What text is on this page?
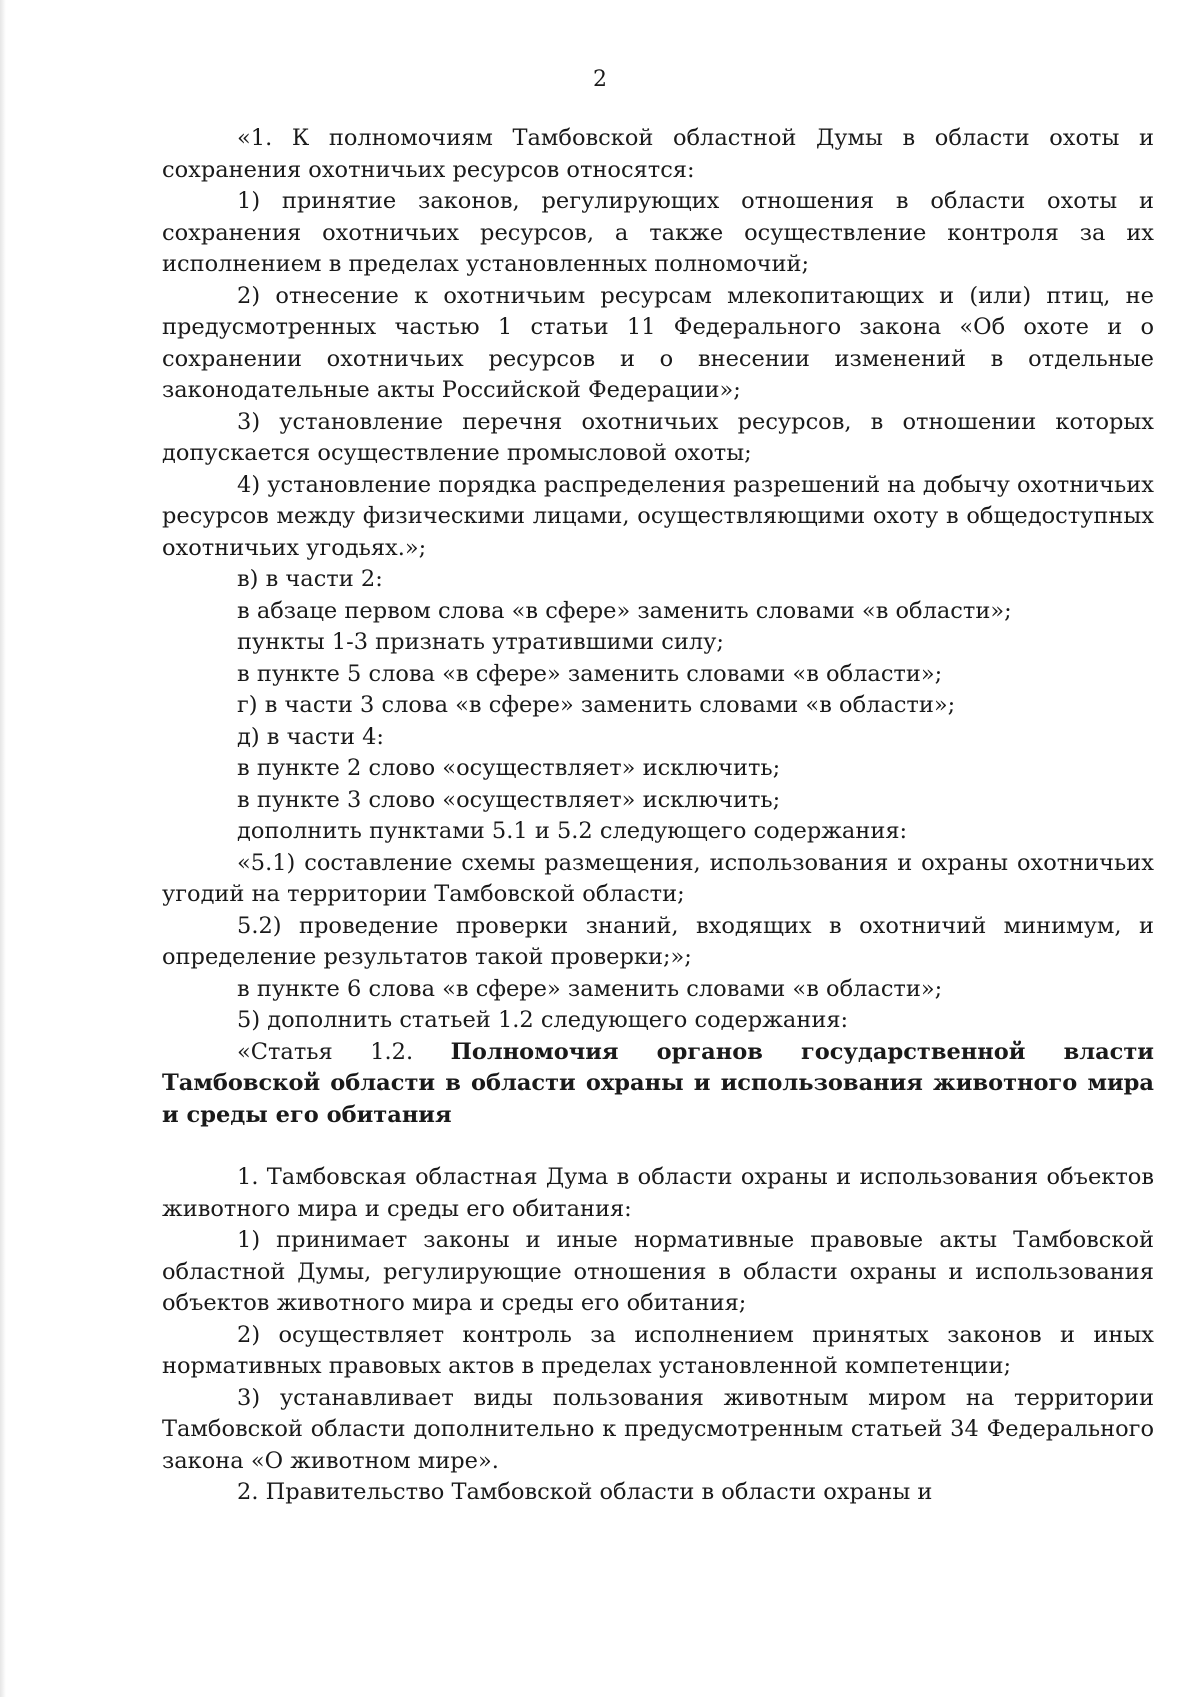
2

«1. К полномочиям Тамбовской областной Думы в области охоты и сохранения охотничьих ресурсов относятся:

1) принятие законов, регулирующих отношения в области охоты и сохранения охотничьих ресурсов, а также осуществление контроля за их исполнением в пределах установленных полномочий;

2) отнесение к охотничьим ресурсам млекопитающих и (или) птиц, не предусмотренных частью 1 статьи 11 Федерального закона «Об охоте и о сохранении охотничьих ресурсов и о внесении изменений в отдельные законодательные акты Российской Федерации»;

3) установление перечня охотничьих ресурсов, в отношении которых допускается осуществление промысловой охоты;

4) установление порядка распределения разрешений на добычу охотничьих ресурсов между физическими лицами, осуществляющими охоту в общедоступных охотничьих угодьях.»;

в) в части 2:

в абзаце первом слова «в сфере» заменить словами «в области»;

пункты 1-3 признать утратившими силу;

в пункте 5 слова «в сфере» заменить словами «в области»;

г) в части 3 слова «в сфере» заменить словами «в области»;

д) в части 4:

в пункте 2 слово «осуществляет» исключить;

в пункте 3 слово «осуществляет» исключить;

дополнить пунктами 5.1 и 5.2 следующего содержания:

«5.1) составление схемы размещения, использования и охраны охотничьих угодий на территории Тамбовской области;

5.2) проведение проверки знаний, входящих в охотничий минимум, и определение результатов такой проверки;»;

в пункте 6 слова «в сфере» заменить словами «в области»;

5) дополнить статьей 1.2 следующего содержания:

«Статья 1.2. Полномочия органов государственной власти Тамбовской области в области охраны и использования животного мира и среды его обитания

1. Тамбовская областная Дума в области охраны и использования объектов животного мира и среды его обитания:

1) принимает законы и иные нормативные правовые акты Тамбовской областной Думы, регулирующие отношения в области охраны и использования объектов животного мира и среды его обитания;

2) осуществляет контроль за исполнением принятых законов и иных нормативных правовых актов в пределах установленной компетенции;

3) устанавливает виды пользования животным миром на территории Тамбовской области дополнительно к предусмотренным статьей 34 Федерального закона «О животном мире».

2. Правительство Тамбовской области в области охраны и
